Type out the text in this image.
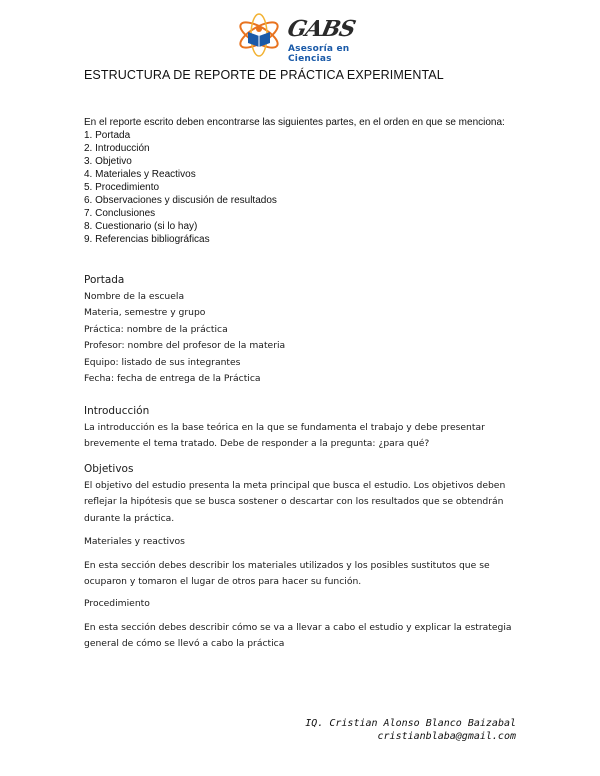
GABS
Asesoría en Ciencias
ESTRUCTURA DE REPORTE DE PRÁCTICA EXPERIMENTAL
En el reporte escrito deben encontrarse las siguientes partes, en el orden en que se menciona:
1. Portada
2. Introducción
3. Objetivo
4. Materiales y Reactivos
5. Procedimiento
6. Observaciones y discusión de resultados
7. Conclusiones
8. Cuestionario (si lo hay)
9. Referencias bibliográficas
Portada
Nombre de la escuela
Materia, semestre y grupo
Práctica: nombre de la práctica
Profesor: nombre del profesor de la materia
Equipo: listado de sus integrantes
Fecha: fecha de entrega de la Práctica
Introducción
La introducción es la base teórica en la que se fundamenta el trabajo y debe presentar
brevemente el tema tratado. Debe de responder a la pregunta: ¿para qué?
Objetivos
El objetivo del estudio presenta la meta principal que busca el estudio. Los objetivos deben
reflejar la hipótesis que se busca sostener o descartar con los resultados que se obtendrán
durante la práctica.
Materiales y reactivos
En esta sección debes describir los materiales utilizados y los posibles sustitutos que se
ocuparon y tomaron el lugar de otros para hacer su función.
Procedimiento
En esta sección debes describir cómo se va a llevar a cabo el estudio y explicar la estrategia
general de cómo se llevó a cabo la práctica
IQ. Cristian Alonso Blanco Baizabal
cristianblaba@gmail.com
